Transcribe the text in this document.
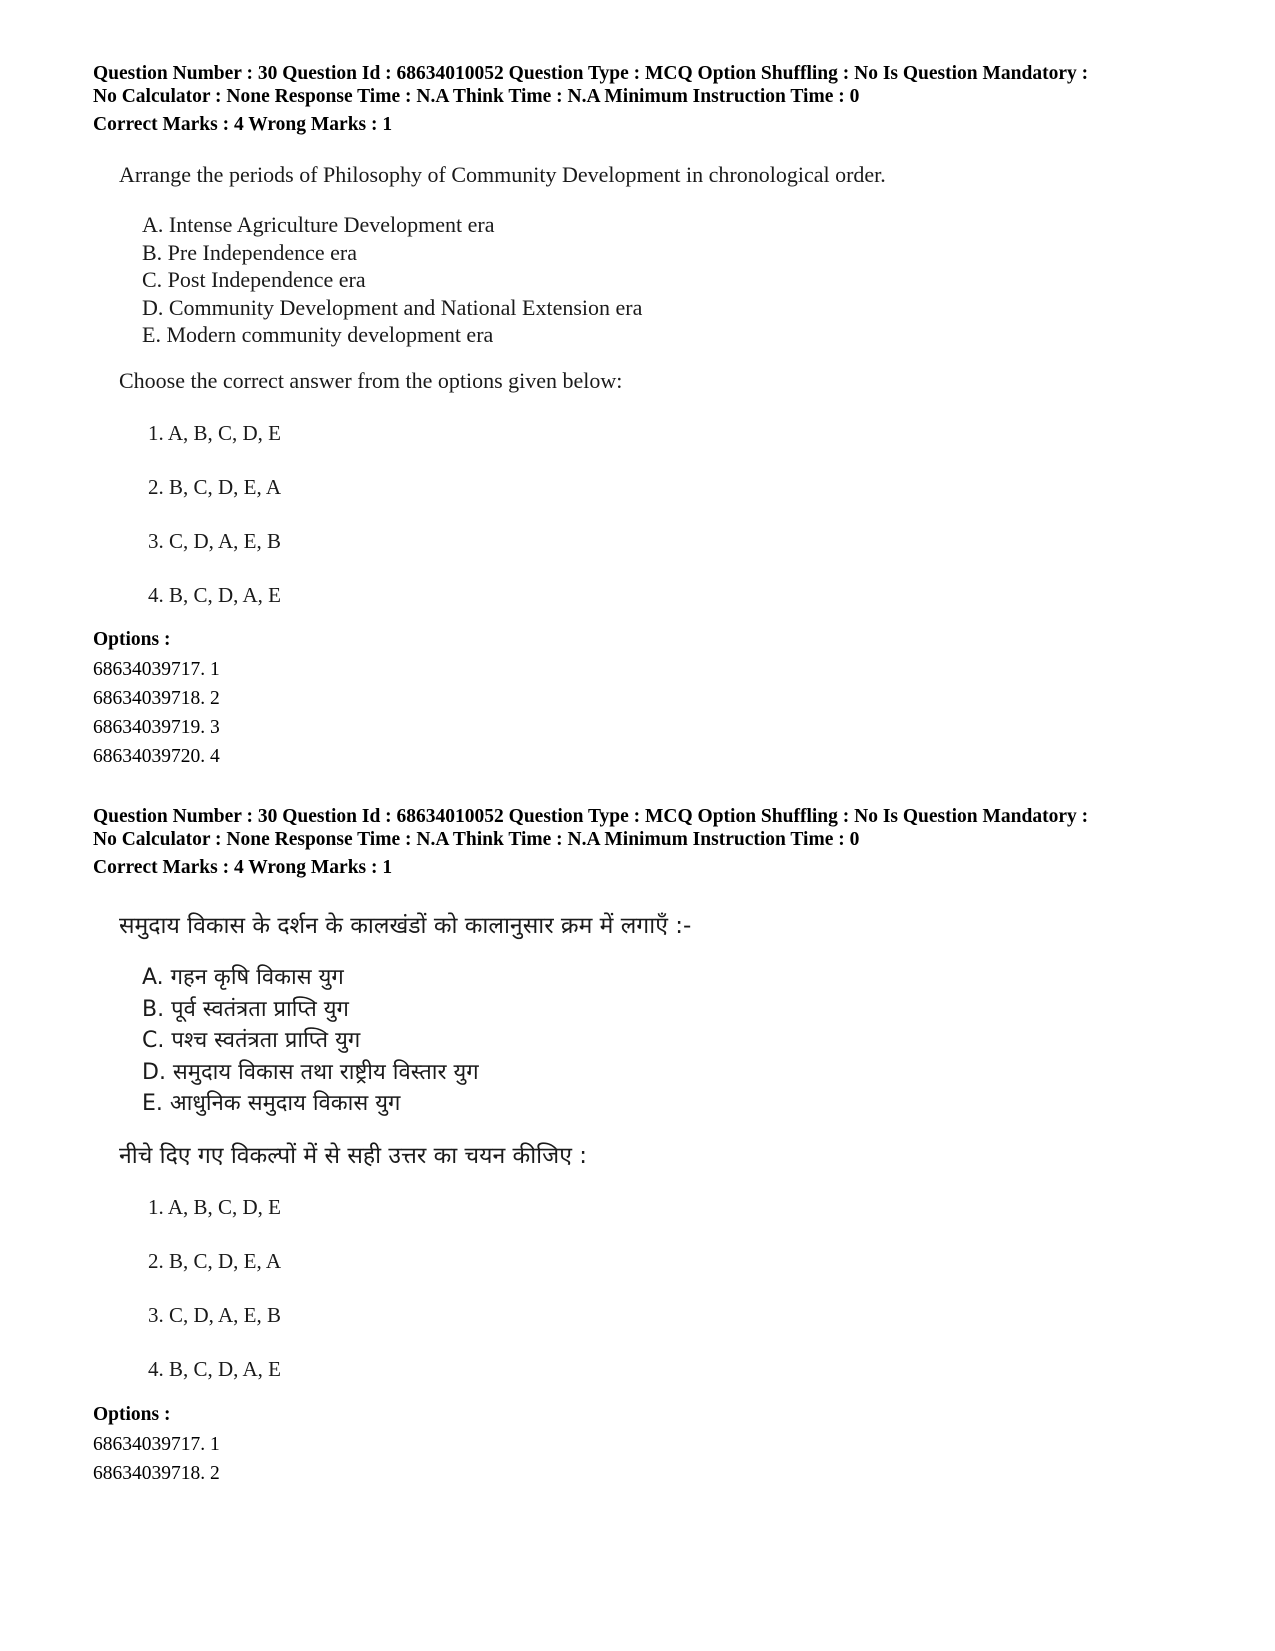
Question Number : 30 Question Id : 68634010052 Question Type : MCQ Option Shuffling : No Is Question Mandatory :
No Calculator : None Response Time : N.A Think Time : N.A Minimum Instruction Time : 0

Correct Marks : 4 Wrong Marks : 1

Arrange the periods of Philosophy of Community Development in chronological order.

A. Intense Agriculture Development era
B. Pre Independence era
C. Post Independence era
D. Community Development and National Extension era
E. Modern community development era

Choose the correct answer from the options given below:

1. A, B, C, D, E
2. B, C, D, E, A
3. C, D, A, E, B
4. B, C, D, A, E

Options :

68634039717. 1
68634039718. 2
68634039719. 3
68634039720. 4

Question Number : 30 Question Id : 68634010052 Question Type : MCQ Option Shuffling : No Is Question Mandatory :
No Calculator : None Response Time : N.A Think Time : N.A Minimum Instruction Time : 0

Correct Marks : 4 Wrong Marks : 1

समुदाय विकास के दर्शन के कालखंडों को कालानुसार क्रम में लगाएँ :-

A. गहन कृषि विकास युग
B. पूर्व स्वतंत्रता प्राप्ति युग
C. पश्च स्वतंत्रता प्राप्ति युग
D. समुदाय विकास तथा राष्ट्रीय विस्तार युग
E. आधुनिक समुदाय विकास युग

नीचे दिए गए विकल्पों में से सही उत्तर का चयन कीजिए :

1. A, B, C, D, E
2. B, C, D, E, A
3. C, D, A, E, B
4. B, C, D, A, E

Options :

68634039717. 1
68634039718. 2
